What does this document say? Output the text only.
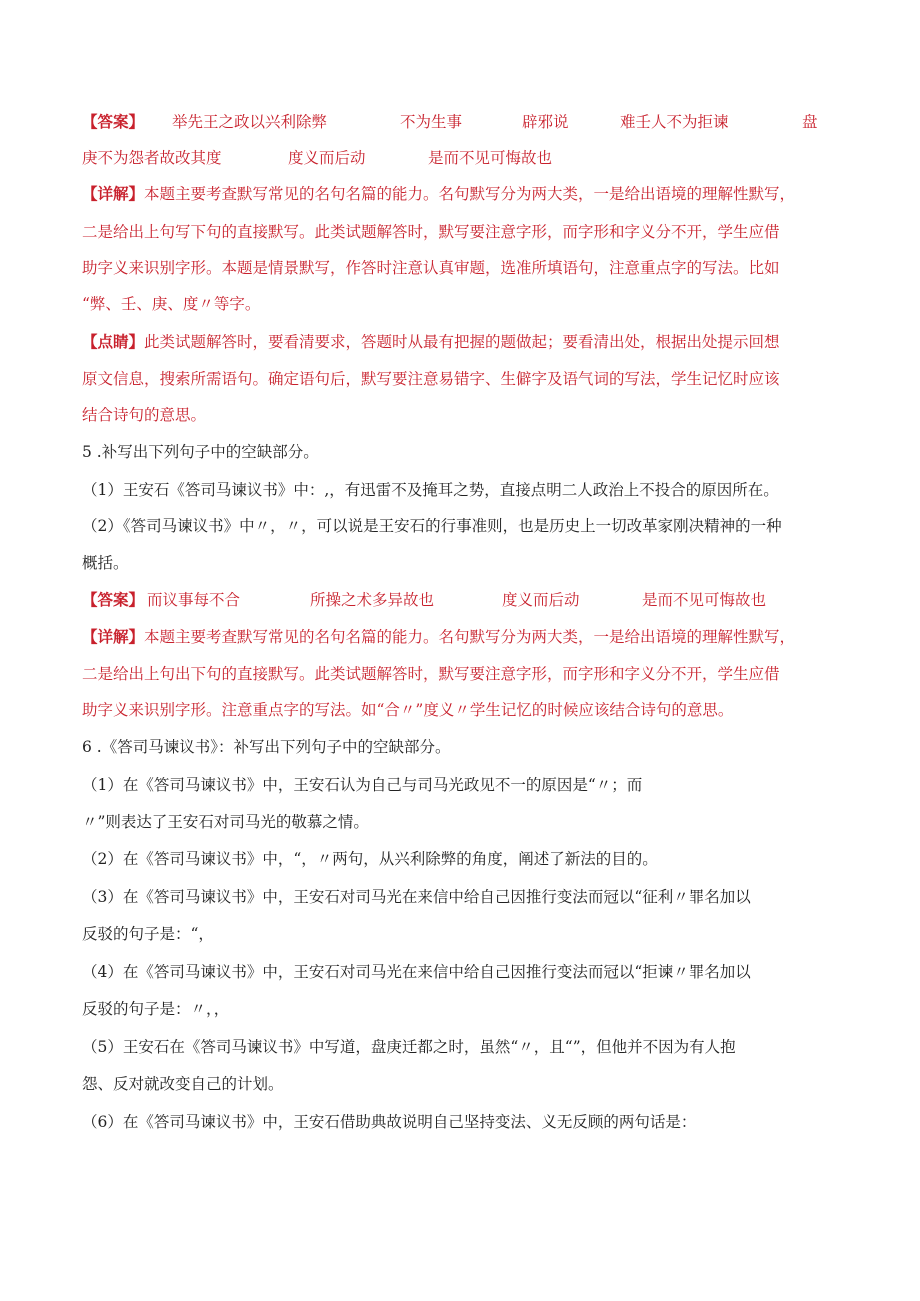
【答案】 举先王之政以兴利除弊	不为生事	辟邪说	难壬人不为拒谏	盘
庚不为怨者故改其度	度义而后动	是而不见可悔故也
【详解】本题主要考查默写常见的名句名篇的能力。名句默写分为两大类，一是给出语境的理解性默写，
二是给出上句写下句的直接默写。此类试题解答时，默写要注意字形，而字形和字义分不开，学生应借
助字义来识别字形。本题是情景默写，作答时注意认真审题，选准所填语句，注意重点字的写法。比如
“弊、壬、庚、度〃等字。
【点睛】此类试题解答时，要看清要求，答题时从最有把握的题做起；要看清出处，根据出处提示回想
原文信息，搜索所需语句。确定语句后，默写要注意易错字、生僻字及语气词的写法，学生记忆时应该
结合诗句的意思。
5 .补写出下列句子中的空缺部分。
（1）王安石《答司马谏议书》中：,，有迅雷不及掩耳之势，直接点明二人政治上不投合的原因所在。
（2）《答司马谏议书》中〃，〃，可以说是王安石的行事准则，也是历史上一切改革家刚决精神的一种
概括。
【答案】 而议事每不合	所操之术多异故也	度义而后动	是而不见可悔故也
【详解】本题主要考查默写常见的名句名篇的能力。名句默写分为两大类，一是给出语境的理解性默写，
二是给出上句出下句的直接默写。此类试题解答时，默写要注意字形，而字形和字义分不开，学生应借
助字义来识别字形。注意重点字的写法。如“合〃”度义〃学生记忆的时候应该结合诗句的意思。
6 .《答司马谏议书》：补写出下列句子中的空缺部分。
（1）在《答司马谏议书》中，王安石认为自己与司马光政见不一的原因是“〃；而
〃”则表达了王安石对司马光的敬慕之情。
（2）在《答司马谏议书》中，“，〃两句，从兴利除弊的角度，阐述了新法的目的。
（3）在《答司马谏议书》中，王安石对司马光在来信中给自己因推行变法而冠以“征利〃罪名加以
反驳的句子是：“，
（4）在《答司马谏议书》中，王安石对司马光在来信中给自己因推行变法而冠以“拒谏〃罪名加以
反驳的句子是：〃，，
（5）王安石在《答司马谏议书》中写道，盘庚迁都之时，虽然“〃，且“”，但他并不因为有人抱
怨、反对就改变自己的计划。
（6）在《答司马谏议书》中，王安石借助典故说明自己坚持变法、义无反顾的两句话是：
